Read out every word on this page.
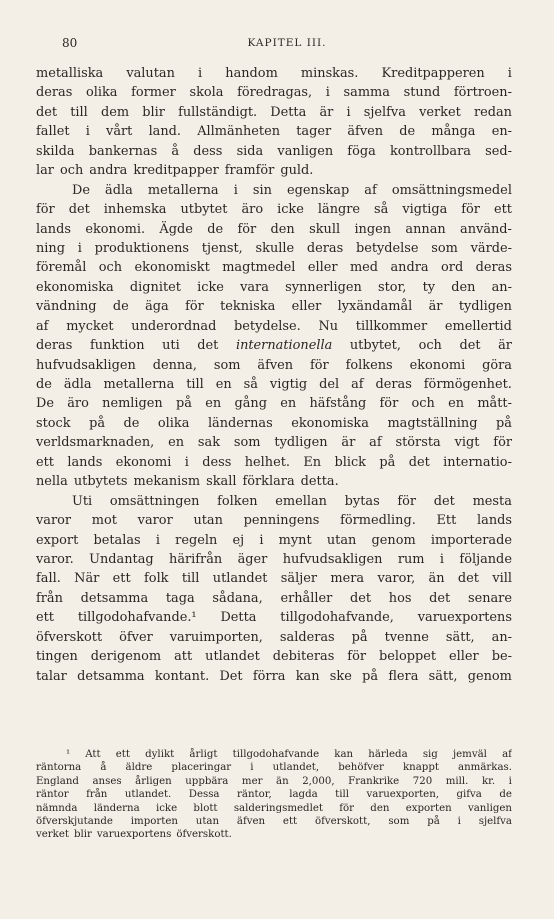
80	KAPITEL III.
metalliska valutan i handom minskas. Kreditpapperen i
deras olika former skola föredragas, i samma stund förtroen-
det till dem blir fullständigt. Detta är i sjelfva verket redan
fallet i vårt land. Allmänheten tager äfven de många en-
skilda bankernas å dess sida vanligen föga kontrollbara sed-
lar och andra kreditpapper framför guld.
De ädla metallerna i sin egenskap af omsättningsmedel
för det inhemska utbytet äro icke längre så vigtiga för ett
lands ekonomi. Ägde de för den skull ingen annan använd-
ning i produktionens tjenst, skulle deras betydelse som värde-
föremål och ekonomiskt magtmedel eller med andra ord deras
ekonomiska dignitet icke vara synnerligen stor, ty den an-
vändning de äga för tekniska eller lyxändamål är tydligen
af mycket underordnad betydelse. Nu tillkommer emellertid
deras funktion uti det internationella utbytet, och det är
hufvudsakligen denna, som äfven för folkens ekonomi göra
de ädla metallerna till en så vigtig del af deras förmögenhet.
De äro nemligen på en gång en häfstång för och en mått-
stock på de olika ländernas ekonomiska magtställning på
verldsmarknaden, en sak som tydligen är af största vigt för
ett lands ekonomi i dess helhet. En blick på det internatio-
nella utbytets mekanism skall förklara detta.
Uti omsättningen folken emellan bytas för det mesta
varor mot varor utan penningens förmedling. Ett lands
export betalas i regeln ej i mynt utan genom importerade
varor. Undantag härifrån äger hufvudsakligen rum i följande
fall. När ett folk till utlandet säljer mera varor, än det vill
från detsamma taga sådana, erhåller det hos det senare
ett tillgodohafvande.¹ Detta tillgodohafvande, varuexportens
öfverskott öfver varuimporten, salderas på tvenne sätt, an-
tingen derigenom att utlandet debiteras för beloppet eller be-
talar detsamma kontant. Det förra kan ske på flera sätt, genom
¹ Att ett dylikt årligt tillgodohafvande kan härleda sig jemväl af
räntorna å äldre placeringar i utlandet, behöfver knappt anmärkas.
England anses årligen uppbära mer än 2,000, Frankrike 720 mill. kr. i
räntor från utlandet. Dessa räntor, lagda till varuexporten, gifva de
nämnda länderna icke blott salderingsmedlet för den exporten vanligen
öfverskjutande importen utan äfven ett öfverskott, som på i sjelfva
verket blir varuexportens öfverskott.
